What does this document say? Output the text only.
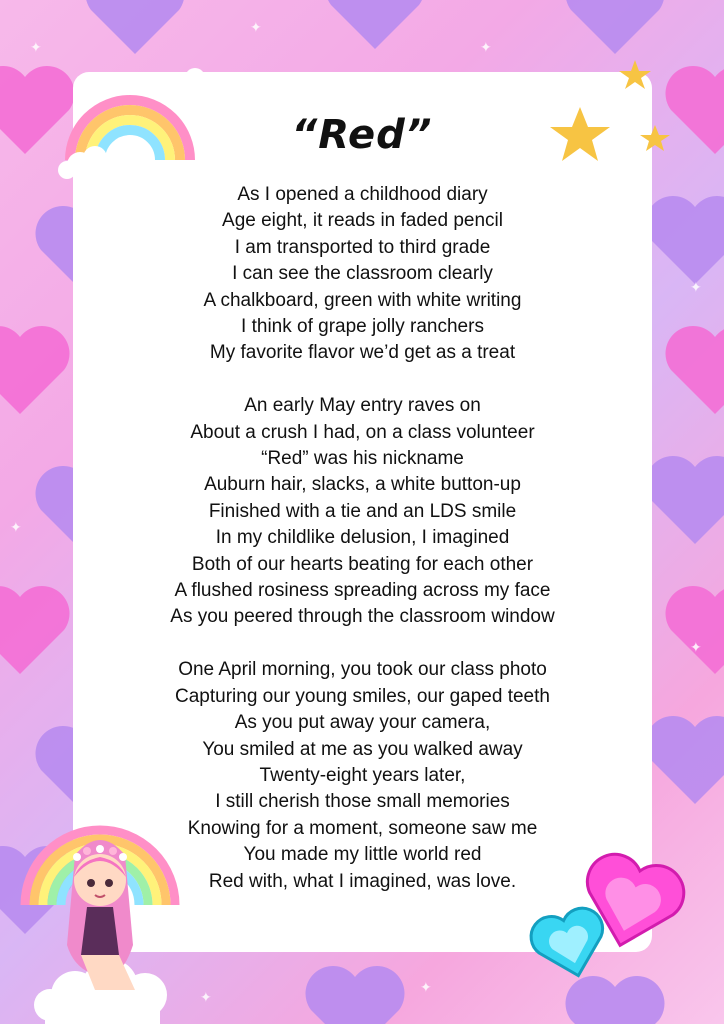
✦
✦
✦
✦
✦
✦
✦
✦
“Red”
As I opened a childhood diary
Age eight, it reads in faded pencil
I am transported to third grade
I can see the classroom clearly
A chalkboard, green with white writing
I think of grape jolly ranchers
My favorite flavor we’d get as a treat
An early May entry raves on
About a crush I had, on a class volunteer
“Red” was his nickname
Auburn hair, slacks, a white button-up
Finished with a tie and an LDS smile
In my childlike delusion, I imagined
Both of our hearts beating for each other
A flushed rosiness spreading across my face
As you peered through the classroom window
One April morning, you took our class photo
Capturing our young smiles, our gaped teeth
As you put away your camera,
You smiled at me as you walked away
Twenty-eight years later,
I still cherish those small memories
Knowing for a moment, someone saw me
You made my little world red
Red with, what I imagined, was love.
